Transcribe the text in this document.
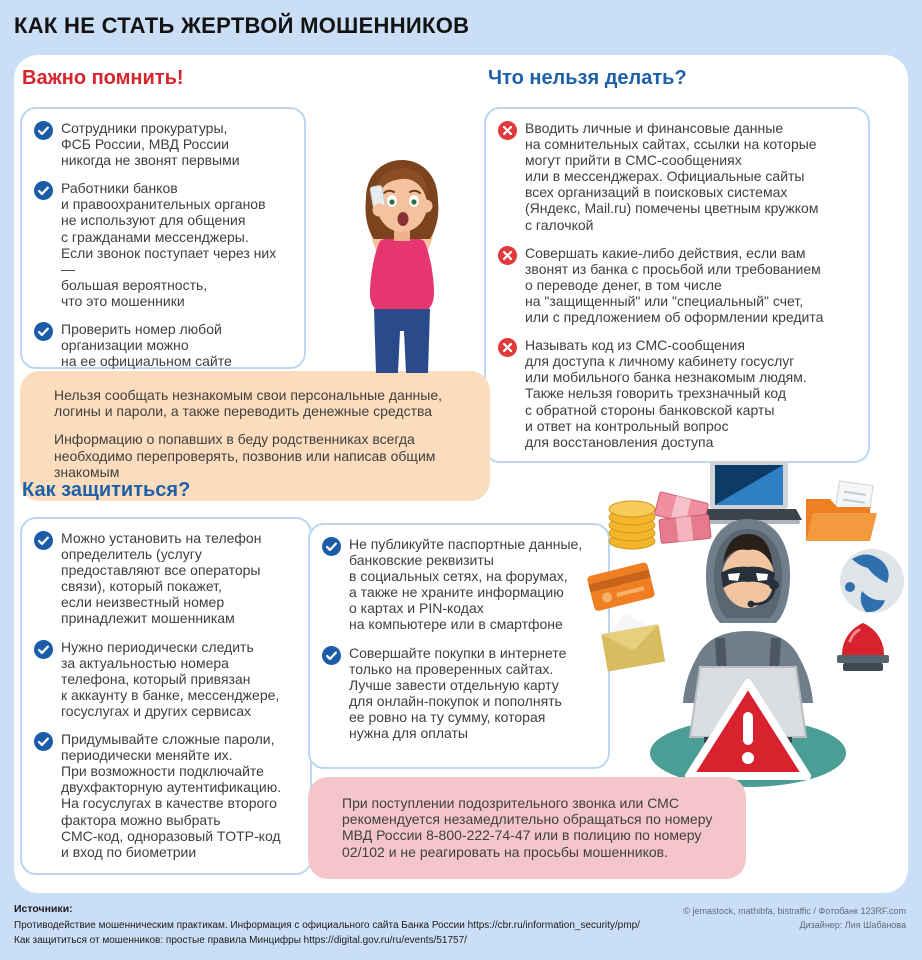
КАК НЕ СТАТЬ ЖЕРТВОЙ МОШЕННИКОВ
Важно помнить!
Сотрудники прокуратуры,
ФСБ России, МВД России
никогда не звонят первыми
Работники банков
и правоохранительных органов
не используют для общения
с гражданами мессенджеры.
Если звонок поступает через них —
большая вероятность,
что это мошенники
Проверить номер любой
организации можно
на ее официальном сайте
Что нельзя делать?
Вводить личные и финансовые данные
на сомнительных сайтах, ссылки на которые
могут прийти в СМС-сообщениях
или в мессенджерах. Официальные сайты
всех организаций в поисковых системах
(Яндекс, Mail.ru) помечены цветным кружком
с галочкой
Совершать какие-либо действия, если вам
звонят из банка с просьбой или требованием
о переводе денег, в том числе
на "защищенный" или "специальный" счет,
или с предложением об оформлении кредита
Называть код из СМС-сообщения
для доступа к личному кабинету госуслуг
или мобильного банка незнакомым людям.
Также нельзя говорить трехзначный код
с обратной стороны банковской карты
и ответ на контрольный вопрос
для восстановления доступа

Нельзя сообщать незнакомым свои персональные данные,
логины и пароли, а также переводить денежные средства

Информацию о попавших в беду родственниках всегда
необходимо перепроверять, позвонив или написав общим
знакомым

Как защититься?
Можно установить на телефон
определитель (услугу
предоставляют все операторы
связи), который покажет,
если неизвестный номер
принадлежит мошенникам
Нужно периодически следить
за актуальностью номера
телефона, который привязан
к аккаунту в банке, мессенджере,
госуслугах и других сервисах
Придумывайте сложные пароли,
периодически меняйте их.
При возможности подключайте
двухфакторную аутентификацию.
На госуслугах в качестве второго
фактора можно выбрать
СМС-код, одноразовый TOTP-код
и вход по биометрии
Не публикуйте паспортные данные,
банковские реквизиты
в социальных сетях, на форумах,
а также не храните информацию
о картах и PIN-кодах
на компьютере или в смартфоне
Совершайте покупки в интернете
только на проверенных сайтах.
Лучше завести отдельную карту
для онлайн-покупок и пополнять
ее ровно на ту сумму, которая
нужна для оплаты
При поступлении подозрительного звонка или СМС
рекомендуется незамедлительно обращаться по номеру
МВД России 8-800-222-74-47 или в полицию по номеру
02/102 и не реагировать на просьбы мошенников.
Источники:
Противодействие мошенническим практикам. Информация с официального сайта Банка России https://cbr.ru/information_security/pmp/
Как защититься от мошенников: простые правила Минцифры https://digital.gov.ru/ru/events/51757/
© jemastock, mathibfa, bistraffic / Фотобанк 123RF.com
Дизайнер: Лия Шабанова
